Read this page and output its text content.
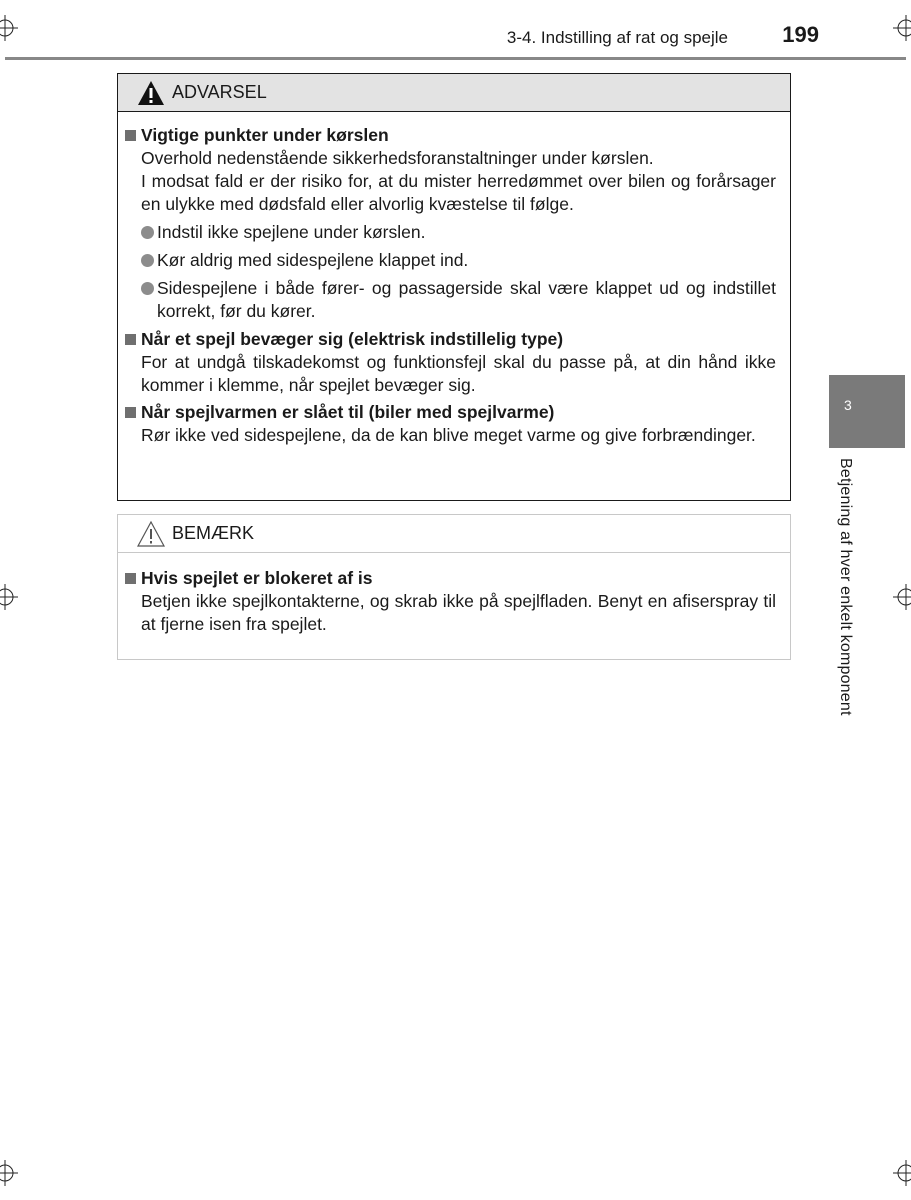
3-4. Indstilling af rat og spejle 199
ADVARSEL
Vigtige punkter under kørslen
Overhold nedenstående sikkerhedsforanstaltninger under kørslen.
I modsat fald er der risiko for, at du mister herredømmet over bilen og forårsager en ulykke med dødsfald eller alvorlig kvæstelse til følge.
Indstil ikke spejlene under kørslen.
Kør aldrig med sidespejlene klappet ind.
Sidespejlene i både fører- og passagerside skal være klappet ud og indstillet korrekt, før du kører.
Når et spejl bevæger sig (elektrisk indstillelig type)
For at undgå tilskadekomst og funktionsfejl skal du passe på, at din hånd ikke kommer i klemme, når spejlet bevæger sig.
Når spejlvarmen er slået til (biler med spejlvarme)
Rør ikke ved sidespejlene, da de kan blive meget varme og give forbrændinger.
BEMÆRK
Hvis spejlet er blokeret af is
Betjen ikke spejlkontakterne, og skrab ikke på spejlfladen. Benyt en afiserspray til at fjerne isen fra spejlet.
3
Betjening af hver enkelt komponent
